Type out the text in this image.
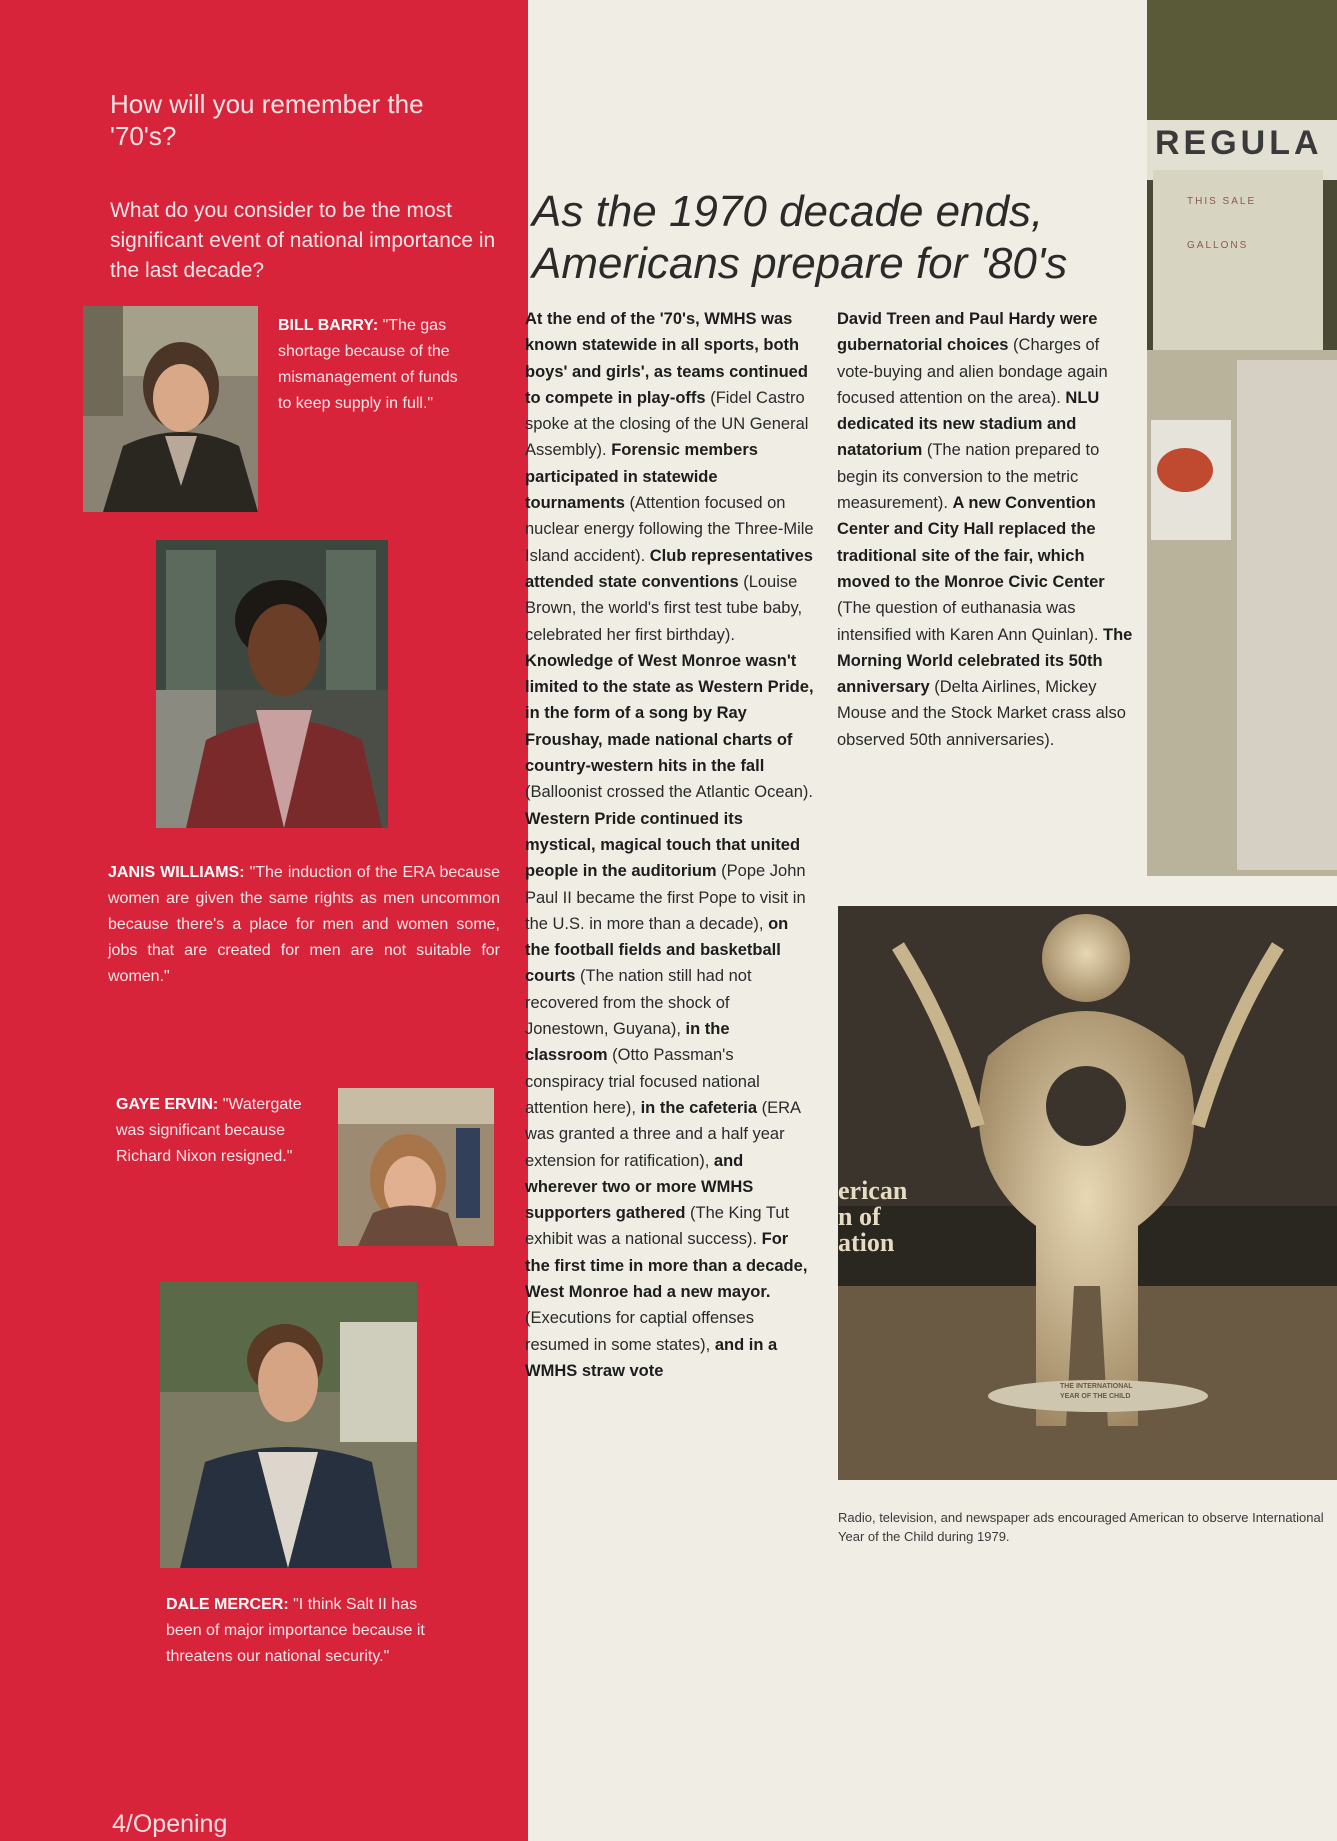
How will you remember the '70's?
What do you consider to be the most significant event of national importance in the last decade?
BILL BARRY: "The gas shortage because of the mismanagement of funds to keep supply in full."
JANIS WILLIAMS: "The induction of the ERA because women are given the same rights as men uncommon because there's a place for men and women some, jobs that are created for men are not suitable for women."
GAYE ERVIN: "Watergate was significant because Richard Nixon resigned."
DALE MERCER: "I think Salt II has been of major importance because it threatens our national security."
4/Opening
As the 1970 decade ends,
Americans prepare for '80's
At the end of the '70's, WMHS was known statewide in all sports, both boys' and girls', as teams continued to compete in play-offs (Fidel Castro spoke at the closing of the UN General Assembly). Forensic members participated in statewide tournaments (Attention focused on nuclear energy following the Three-Mile Island accident). Club representatives attended state conventions (Louise Brown, the world's first test tube baby, celebrated her first birthday). Knowledge of West Monroe wasn't limited to the state as Western Pride, in the form of a song by Ray Froushay, made national charts of country-western hits in the fall (Balloonist crossed the Atlantic Ocean). Western Pride continued its mystical, magical touch that united people in the auditorium (Pope John Paul II became the first Pope to visit in the U.S. in more than a decade), on the football fields and basketball courts (The nation still had not recovered from the shock of Jonestown, Guyana), in the classroom (Otto Passman's conspiracy trial focused national attention here), in the cafeteria (ERA was granted a three and a half year extension for ratification), and wherever two or more WMHS supporters gathered (The King Tut exhibit was a national success). For the first time in more than a decade, West Monroe had a new mayor. (Executions for captial offenses resumed in some states), and in a WMHS straw vote
David Treen and Paul Hardy were gubernatorial choices (Charges of vote-buying and alien bondage again focused attention on the area). NLU dedicated its new stadium and natatorium (The nation prepared to begin its conversion to the metric measurement). A new Convention Center and City Hall replaced the traditional site of the fair, which moved to the Monroe Civic Center (The question of euthanasia was intensified with Karen Ann Quinlan). The Morning World celebrated its 50th anniversary (Delta Airlines, Mickey Mouse and the Stock Market crass also observed 50th anniversaries).
REGULA
THIS SALE
GALLONS
erican
n of
ation
THE INTERNATIONAL
YEAR OF THE CHILD
Radio, television, and newspaper ads encouraged American to observe International Year of the Child during 1979.
